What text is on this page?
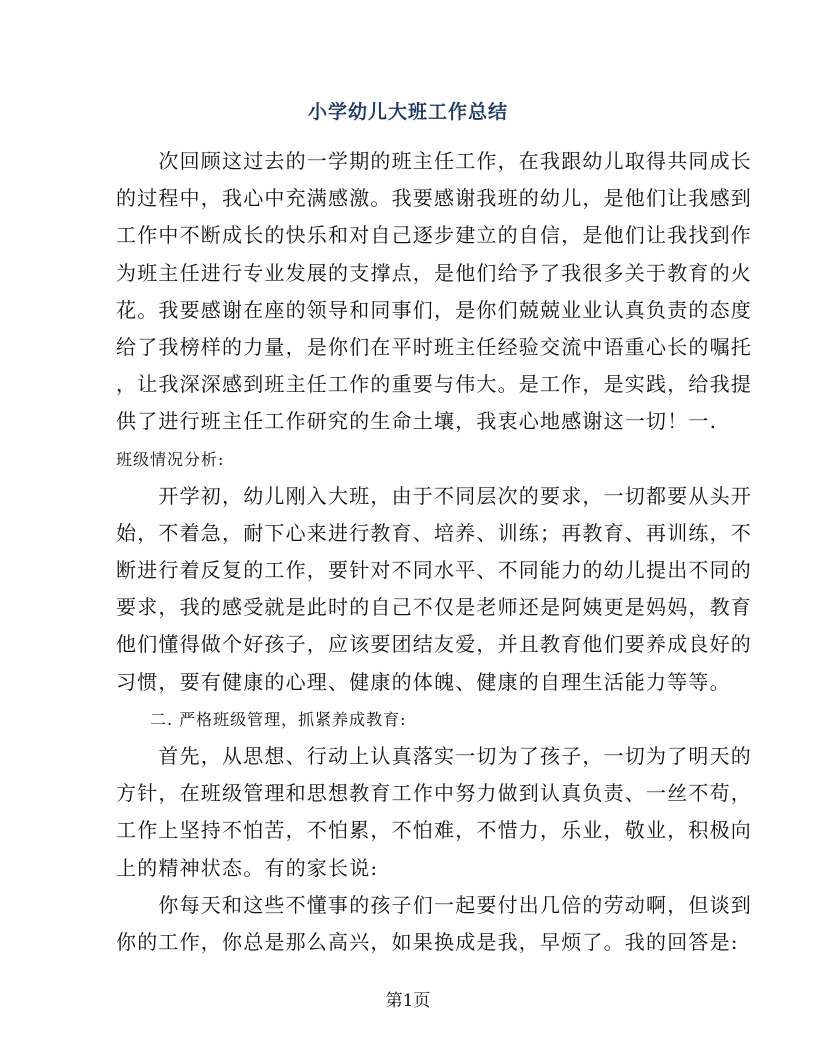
小学幼儿大班工作总结
　　次回顾这过去的一学期的班主任工作，在我跟幼儿取得共同成长
的过程中，我心中充满感激。我要感谢我班的幼儿，是他们让我感到
工作中不断成长的快乐和对自己逐步建立的自信，是他们让我找到作
为班主任进行专业发展的支撑点，是他们给予了我很多关于教育的火
花。我要感谢在座的领导和同事们，是你们兢兢业业认真负责的态度
给了我榜样的力量，是你们在平时班主任经验交流中语重心长的嘱托
，让我深深感到班主任工作的重要与伟大。是工作，是实践，给我提
供了进行班主任工作研究的生命土壤，我衷心地感谢这一切！一.
班级情况分析:
　　开学初，幼儿刚入大班，由于不同层次的要求，一切都要从头开
始，不着急，耐下心来进行教育、培养、训练；再教育、再训练，不
断进行着反复的工作，要针对不同水平、不同能力的幼儿提出不同的
要求，我的感受就是此时的自己不仅是老师还是阿姨更是妈妈，教育
他们懂得做个好孩子，应该要团结友爱，并且教育他们要养成良好的
习惯，要有健康的心理、健康的体魄、健康的自理生活能力等等。
　　二. 严格班级管理，抓紧养成教育:
　　首先，从思想、行动上认真落实一切为了孩子，一切为了明天的
方针，在班级管理和思想教育工作中努力做到认真负责、一丝不苟，
工作上坚持不怕苦，不怕累，不怕难，不惜力，乐业，敬业，积极向
上的精神状态。有的家长说:
　　你每天和这些不懂事的孩子们一起要付出几倍的劳动啊，但谈到
你的工作，你总是那么高兴，如果换成是我，早烦了。我的回答是:
第1页
